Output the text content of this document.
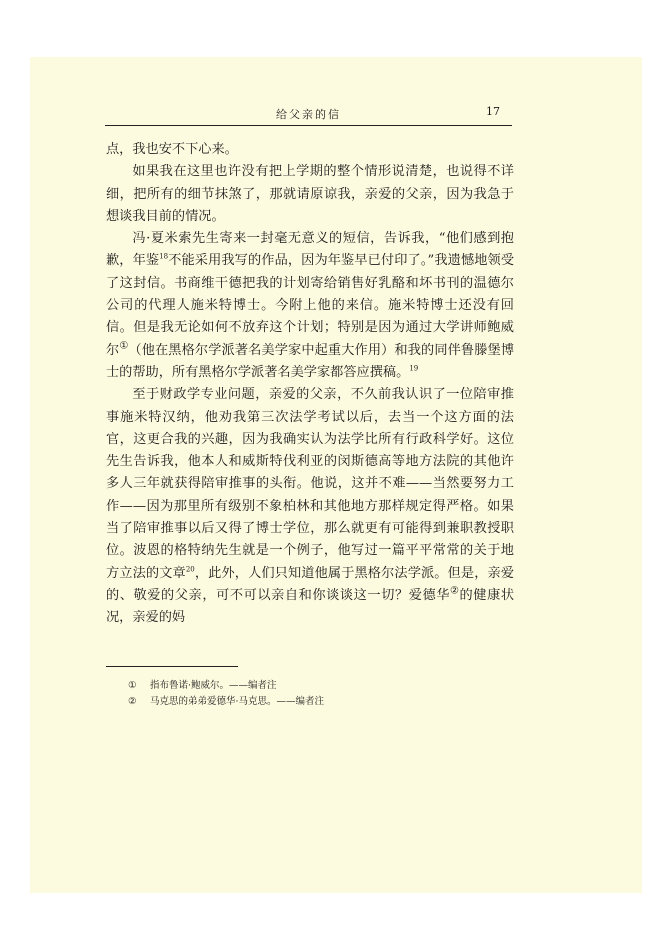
给父亲的信	17

点，我也安不下心来。

如果我在这里也许没有把上学期的整个情形说清楚，也说得不详细，把所有的细节抹煞了，那就请原谅我，亲爱的父亲，因为我急于想谈我目前的情况。

冯·夏米索先生寄来一封毫无意义的短信，告诉我，“他们感到抱歉，年鉴$^{18}$不能采用我写的作品，因为年鉴早已付印了。”我遗憾地领受了这封信。书商维干德把我的计划寄给销售好乳酪和坏书刊的温德尔公司的代理人施米特博士。今附上他的来信。施米特博士还没有回信。但是我无论如何不放弃这个计划；特别是因为通过大学讲师鲍威尔①（他在黑格尔学派著名美学家中起重大作用）和我的同伴鲁滕堡博士的帮助，所有黑格尔学派著名美学家都答应撰稿。$^{19}$

至于财政学专业问题，亲爱的父亲，不久前我认识了一位陪审推事施米特汉纳，他劝我第三次法学考试以后，去当一个这方面的法官，这更合我的兴趣，因为我确实认为法学比所有行政科学好。这位先生告诉我，他本人和威斯特伐利亚的闵斯德高等地方法院的其他许多人三年就获得陪审推事的头衔。他说，这并不难——当然要努力工作——因为那里所有级别不象柏林和其他地方那样规定得严格。如果当了陪审推事以后又得了博士学位，那么就更有可能得到兼职教授职位。波恩的格特纳先生就是一个例子，他写过一篇平平常常的关于地方立法的文章$^{20}$，此外，人们只知道他属于黑格尔法学派。但是，亲爱的、敬爱的父亲，可不可以亲自和你谈谈这一切？爱德华②的健康状况，亲爱的妈

①	指布鲁诺·鲍威尔。——编者注
②	马克思的弟弟爱德华·马克思。——编者注
